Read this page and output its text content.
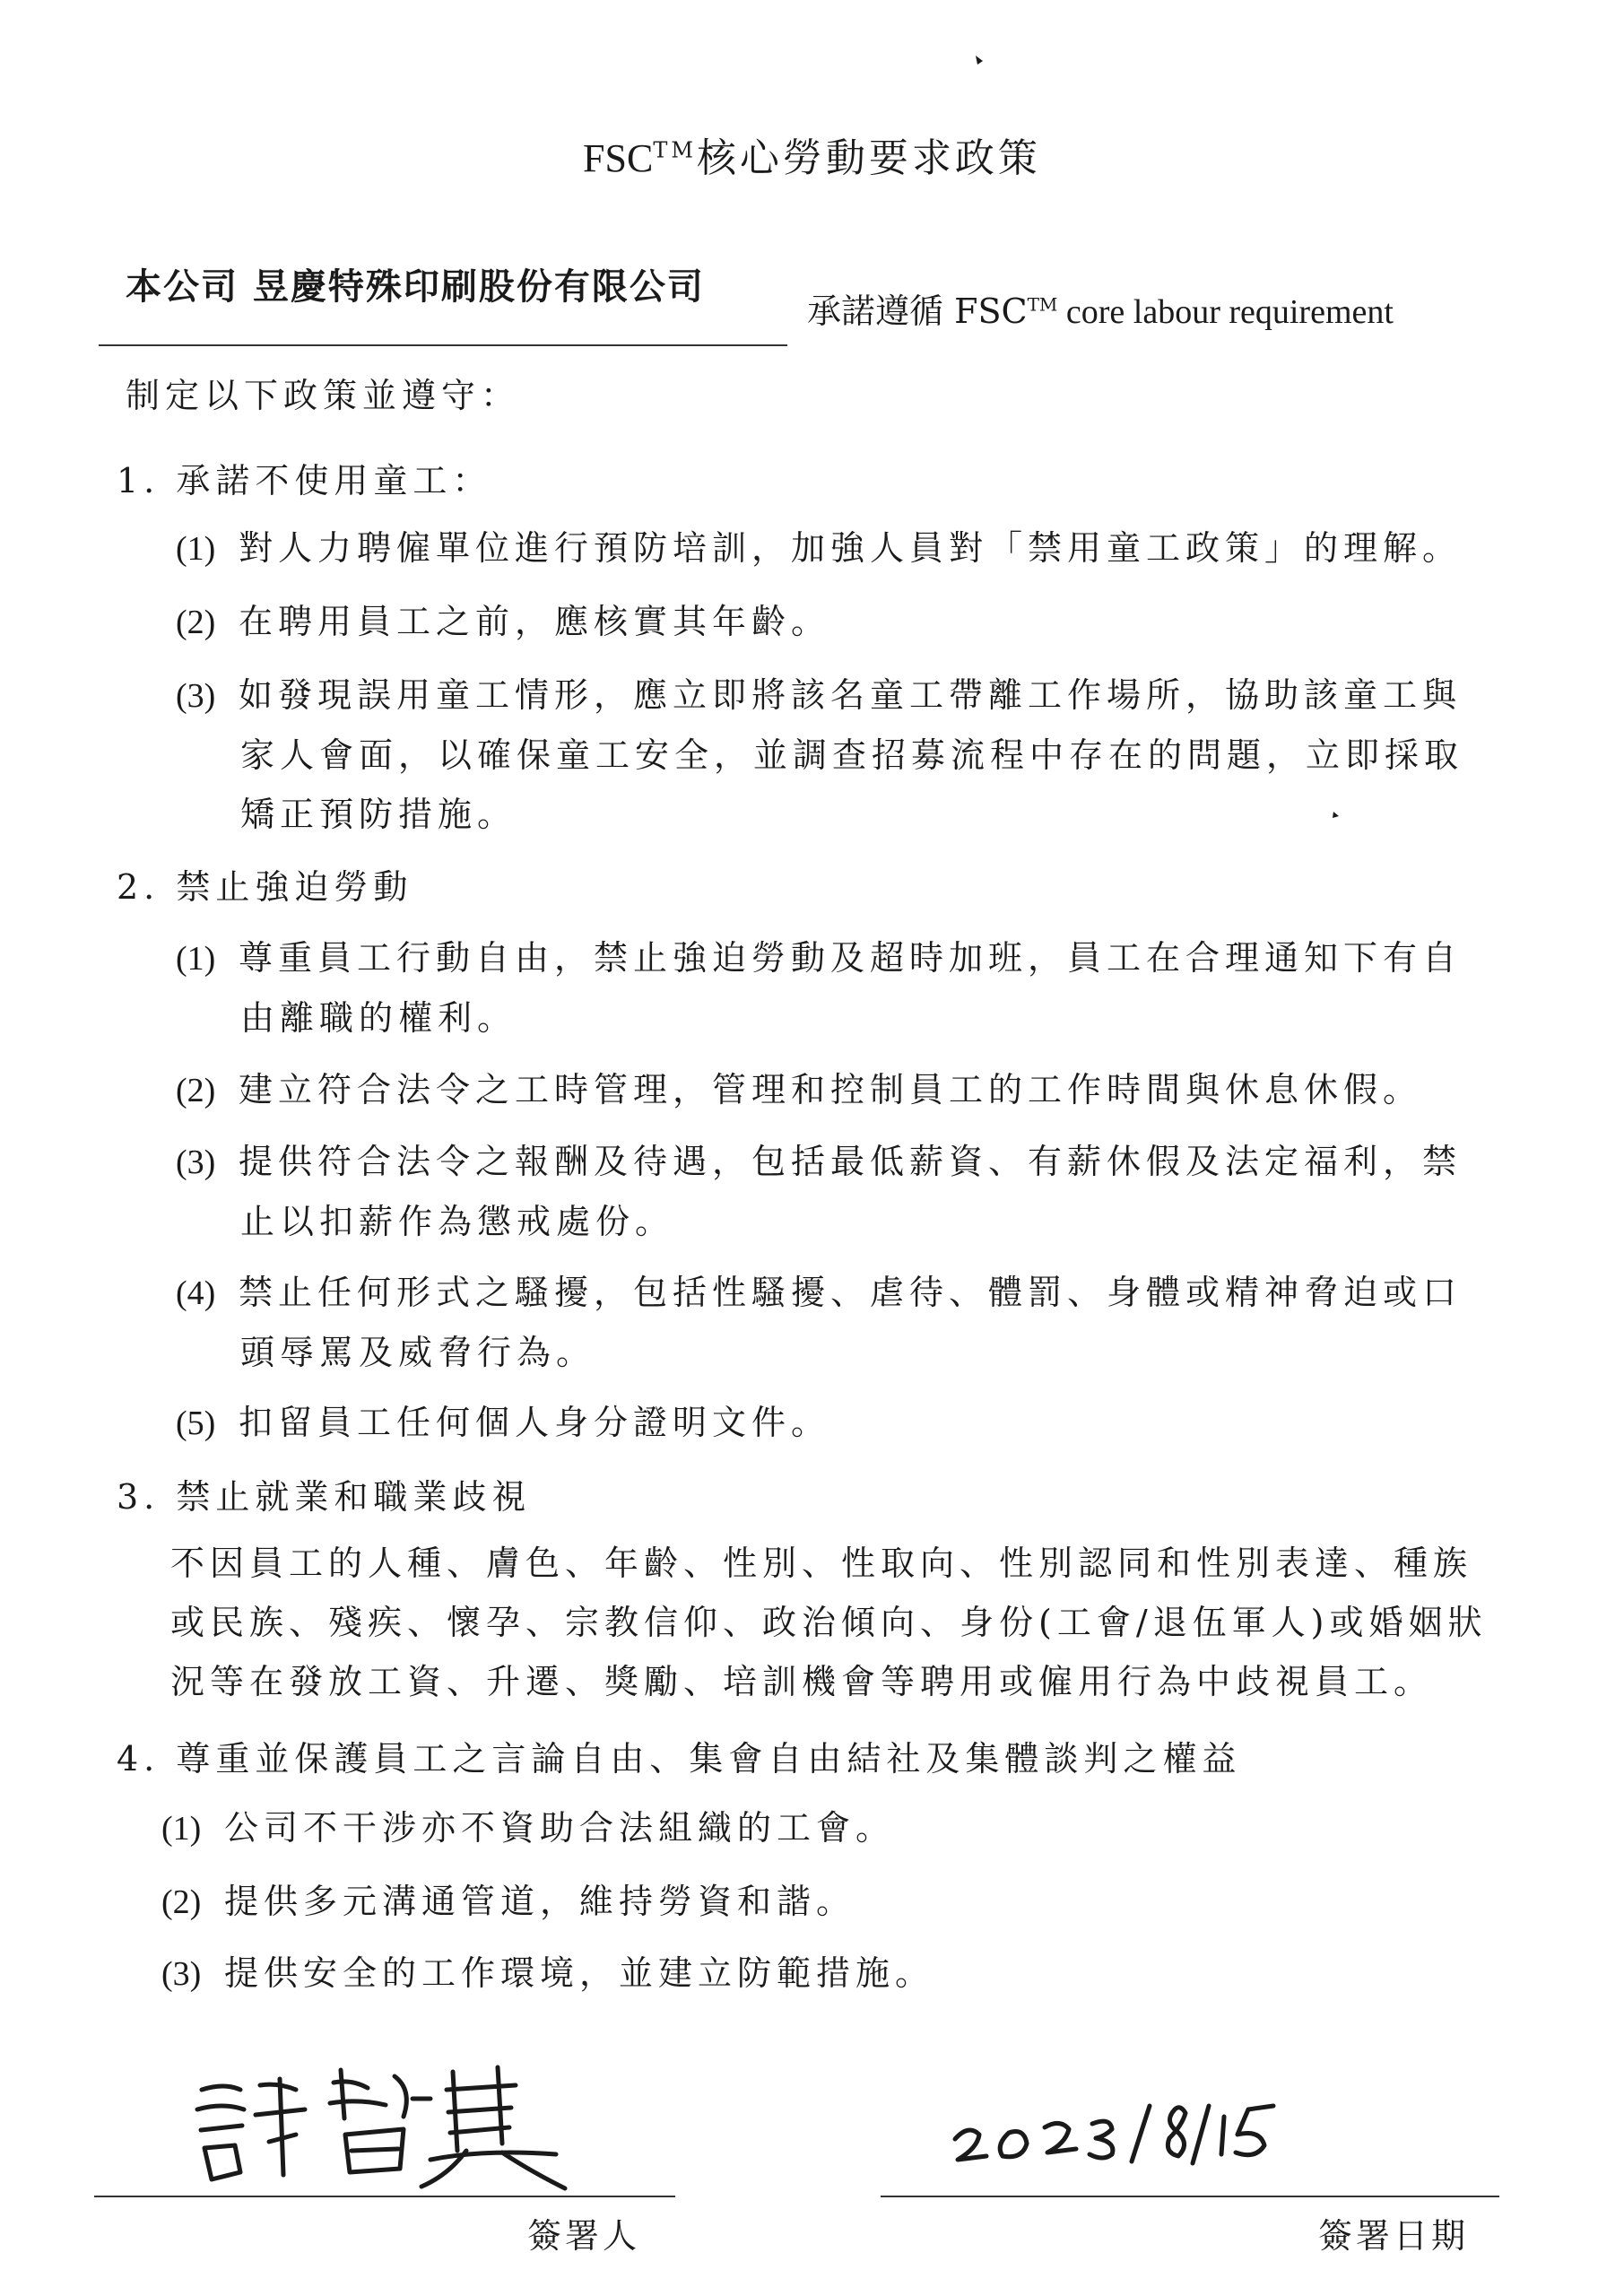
FSC™核心勞動要求政策
本公司 昱慶特殊印刷股份有限公司
承諾遵循 FSC™ core labour requirement
制定以下政策並遵守：
1. 承諾不使用童工：
(1) 對人力聘僱單位進行預防培訓，加強人員對「禁用童工政策」的理解。
(2) 在聘用員工之前，應核實其年齡。
(3) 如發現誤用童工情形，應立即將該名童工帶離工作場所，協助該童工與
家人會面，以確保童工安全，並調查招募流程中存在的問題，立即採取
矯正預防措施。
2. 禁止強迫勞動
(1) 尊重員工行動自由，禁止強迫勞動及超時加班，員工在合理通知下有自
由離職的權利。
(2) 建立符合法令之工時管理，管理和控制員工的工作時間與休息休假。
(3) 提供符合法令之報酬及待遇，包括最低薪資、有薪休假及法定福利，禁
止以扣薪作為懲戒處份。
(4) 禁止任何形式之騷擾，包括性騷擾、虐待、體罰、身體或精神脅迫或口
頭辱罵及威脅行為。
(5) 扣留員工任何個人身分證明文件。
3. 禁止就業和職業歧視
不因員工的人種、膚色、年齡、性別、性取向、性別認同和性別表達、種族
或民族、殘疾、懷孕、宗教信仰、政治傾向、身份(工會/退伍軍人)或婚姻狀
況等在發放工資、升遷、獎勵、培訓機會等聘用或僱用行為中歧視員工。
4. 尊重並保護員工之言論自由、集會自由結社及集體談判之權益
(1) 公司不干涉亦不資助合法組織的工會。
(2) 提供多元溝通管道，維持勞資和諧。
(3) 提供安全的工作環境，並建立防範措施。
簽署人	簽署日期
